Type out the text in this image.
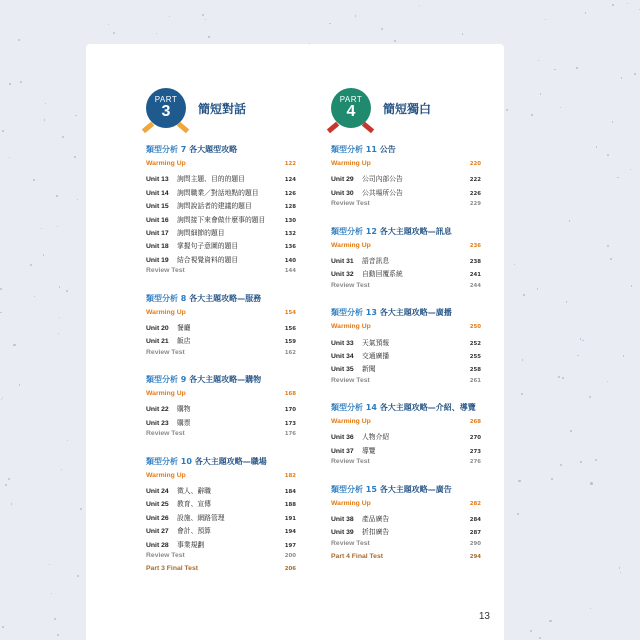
PART
3	簡短對話
類型分析 7 各大題型攻略
Warming Up	122
Unit 13	詢問主題、目的的題目	124
Unit 14	詢問職業／對話地點的題目	126
Unit 15	詢問說話者的建議的題目	128
Unit 16	詢問接下來會做什麼事的題目	130
Unit 17	詢問細節的題目	132
Unit 18	掌握句子意圖的題目	136
Unit 19	結合視覺資料的題目	140
Review Test	144
類型分析 8 各大主題攻略—服務
Warming Up	154
Unit 20	餐廳	156
Unit 21	飯店	159
Review Test	162
類型分析 9 各大主題攻略—購物
Warming Up	168
Unit 22	購物	170
Unit 23	購票	173
Review Test	176
類型分析 10 各大主題攻略—職場
Warming Up	182
Unit 24	徵人、辭職	184
Unit 25	教育、宣傳	188
Unit 26	設施、網路管理	191
Unit 27	會計、預算	194
Unit 28	事業規劃	197
Review Test	200
Part 3 Final Test	206
PART
4	簡短獨白
類型分析 11 公告
Warming Up	220
Unit 29	公司內部公告	222
Unit 30	公共場所公告	226
Review Test	229
類型分析 12 各大主題攻略—訊息
Warming Up	236
Unit 31	語音訊息	238
Unit 32	自動回覆系統	241
Review Test	244
類型分析 13 各大主題攻略—廣播
Warming Up	250
Unit 33	天氣預報	252
Unit 34	交通廣播	255
Unit 35	新聞	258
Review Test	261
類型分析 14 各大主題攻略—介紹、導覽
Warming Up	268
Unit 36	人物介紹	270
Unit 37	導覽	273
Review Test	276
類型分析 15 各大主題攻略—廣告
Warming Up	282
Unit 38	產品廣告	284
Unit 39	折扣廣告	287
Review Test	290
Part 4 Final Test	294
13
